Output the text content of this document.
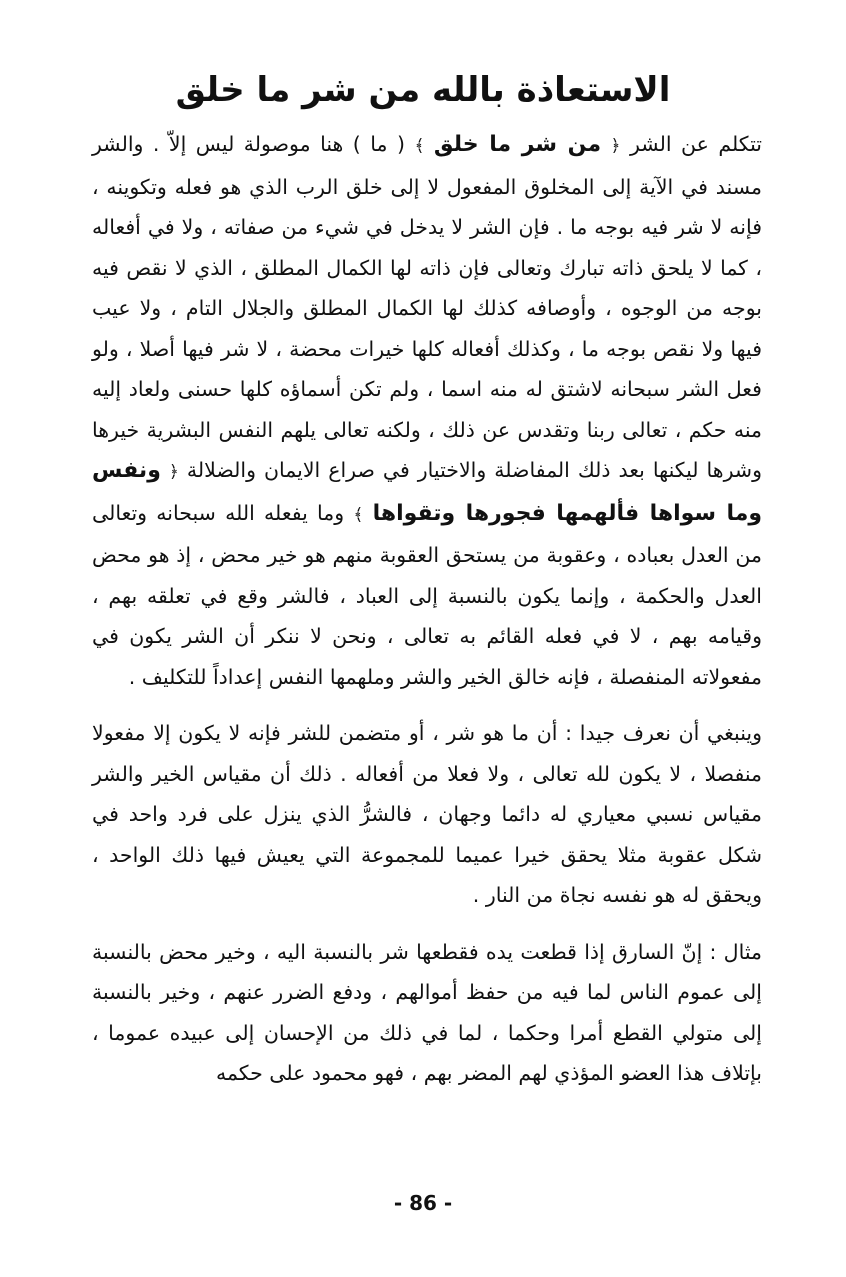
الاستعاذة بالله من شر ما خلق

تتكلم عن الشر ﴿ من شر ما خلق ﴾ ( ما ) هنا موصولة ليس إلاّ . والشر مسند في الآية إلى المخلوق المفعول لا إلى خلق الرب الذي هو فعله وتكوينه ، فإنه لا شر فيه بوجه ما . فإن الشر لا يدخل في شيء من صفاته ، ولا في أفعاله ، كما لا يلحق ذاته تبارك وتعالى فإن ذاته لها الكمال المطلق ، الذي لا نقص فيه بوجه من الوجوه ، وأوصافه كذلك لها الكمال المطلق والجلال التام ، ولا عيب فيها ولا نقص بوجه ما ، وكذلك أفعاله كلها خيرات محضة ، لا شر فيها أصلا ، ولو فعل الشر سبحانه لاشتق له منه اسما ، ولم تكن أسماؤه كلها حسنى ولعاد إليه منه حكم ، تعالى ربنا وتقدس عن ذلك ، ولكنه تعالى يلهم النفس البشرية خيرها وشرها ليكنها بعد ذلك المفاضلة والاختيار في صراع الايمان والضلالة ﴿ ونفس وما سواها فألهمها فجورها وتقواها ﴾ وما يفعله الله سبحانه وتعالى من العدل بعباده ، وعقوبة من يستحق العقوبة منهم هو خير محض ، إذ هو محض العدل والحكمة ، وإنما يكون بالنسبة إلى العباد ، فالشر وقع في تعلقه بهم ، وقيامه بهم ، لا في فعله القائم به تعالى ، ونحن لا ننكر أن الشر يكون في مفعولاته المنفصلة ، فإنه خالق الخير والشر وملهمها النفس إعداداً للتكليف .

وينبغي أن نعرف جيدا : أن ما هو شر ، أو متضمن للشر فإنه لا يكون إلا مفعولا منفصلا ، لا يكون لله تعالى ، ولا فعلا من أفعاله . ذلك أن مقياس الخير والشر مقياس نسبي معياري له دائما وجهان ، فالشرُّ الذي ينزل على فرد واحد في شكل عقوبة مثلا يحقق خيرا عميما للمجموعة التي يعيش فيها ذلك الواحد ، ويحقق له هو نفسه نجاة من النار .

مثال : إنّ السارق إذا قطعت يده فقطعها شر بالنسبة اليه ، وخير محض بالنسبة إلى عموم الناس لما فيه من حفظ أموالهم ، ودفع الضرر عنهم ، وخير بالنسبة إلى متولي القطع أمرا وحكما ، لما في ذلك من الإحسان إلى عبيده عموما ، بإتلاف هذا العضو المؤذي لهم المضر بهم ، فهو محمود على حكمه

- 86 -
